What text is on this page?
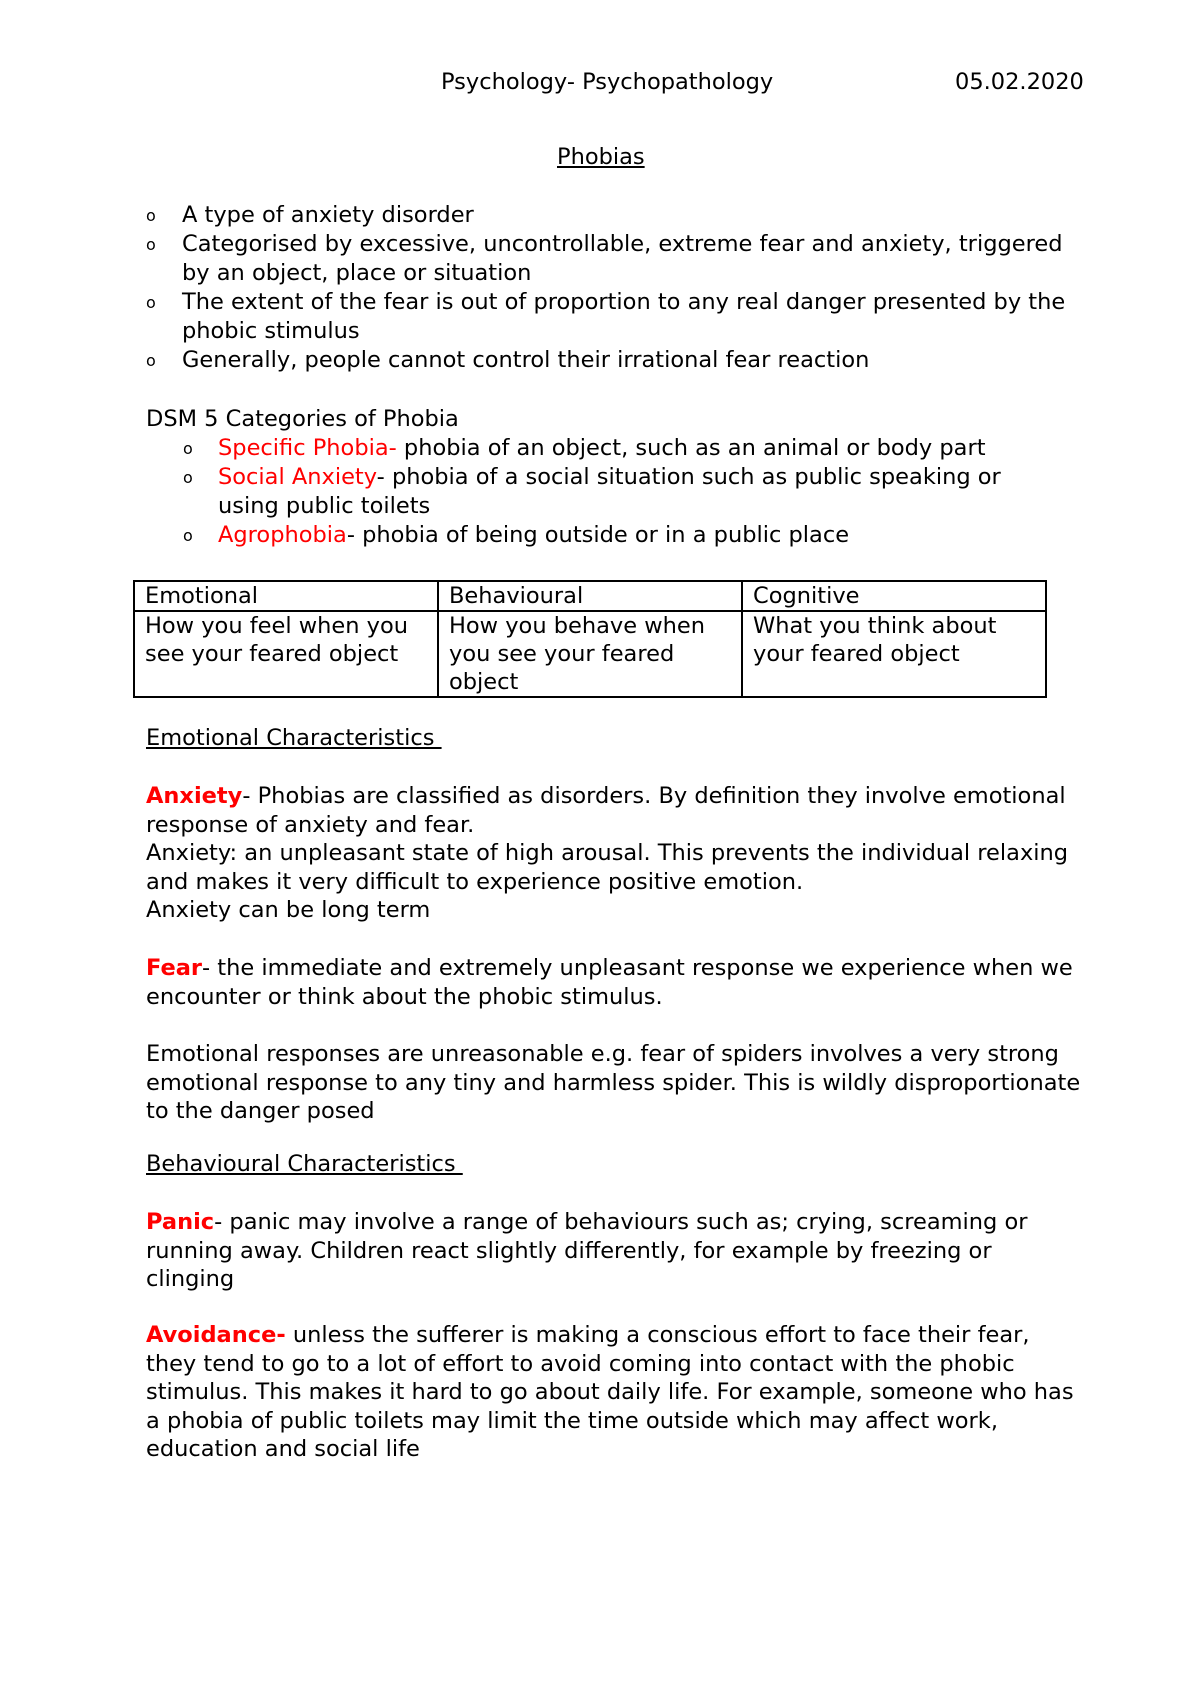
Psychology- Psychopathology	05.02.2020
Phobias
o A type of anxiety disorder
o Categorised by excessive, uncontrollable, extreme fear and anxiety, triggered by an object, place or situation
o The extent of the fear is out of proportion to any real danger presented by the phobic stimulus
o Generally, people cannot control their irrational fear reaction
DSM 5 Categories of Phobia
o Specific Phobia- phobia of an object, such as an animal or body part
o Social Anxiety- phobia of a social situation such as public speaking or using public toilets
o Agrophobia- phobia of being outside or in a public place
Emotional	Behavioural	Cognitive
How you feel when you see your feared object	How you behave when you see your feared object	What you think about your feared object
Emotional Characteristics
Anxiety- Phobias are classified as disorders. By definition they involve emotional response of anxiety and fear.
Anxiety: an unpleasant state of high arousal. This prevents the individual relaxing and makes it very difficult to experience positive emotion.
Anxiety can be long term
Fear- the immediate and extremely unpleasant response we experience when we encounter or think about the phobic stimulus.
Emotional responses are unreasonable e.g. fear of spiders involves a very strong emotional response to any tiny and harmless spider. This is wildly disproportionate to the danger posed
Behavioural Characteristics
Panic- panic may involve a range of behaviours such as; crying, screaming or running away. Children react slightly differently, for example by freezing or clinging
Avoidance- unless the sufferer is making a conscious effort to face their fear, they tend to go to a lot of effort to avoid coming into contact with the phobic stimulus. This makes it hard to go about daily life. For example, someone who has a phobia of public toilets may limit the time outside which may affect work, education and social life
